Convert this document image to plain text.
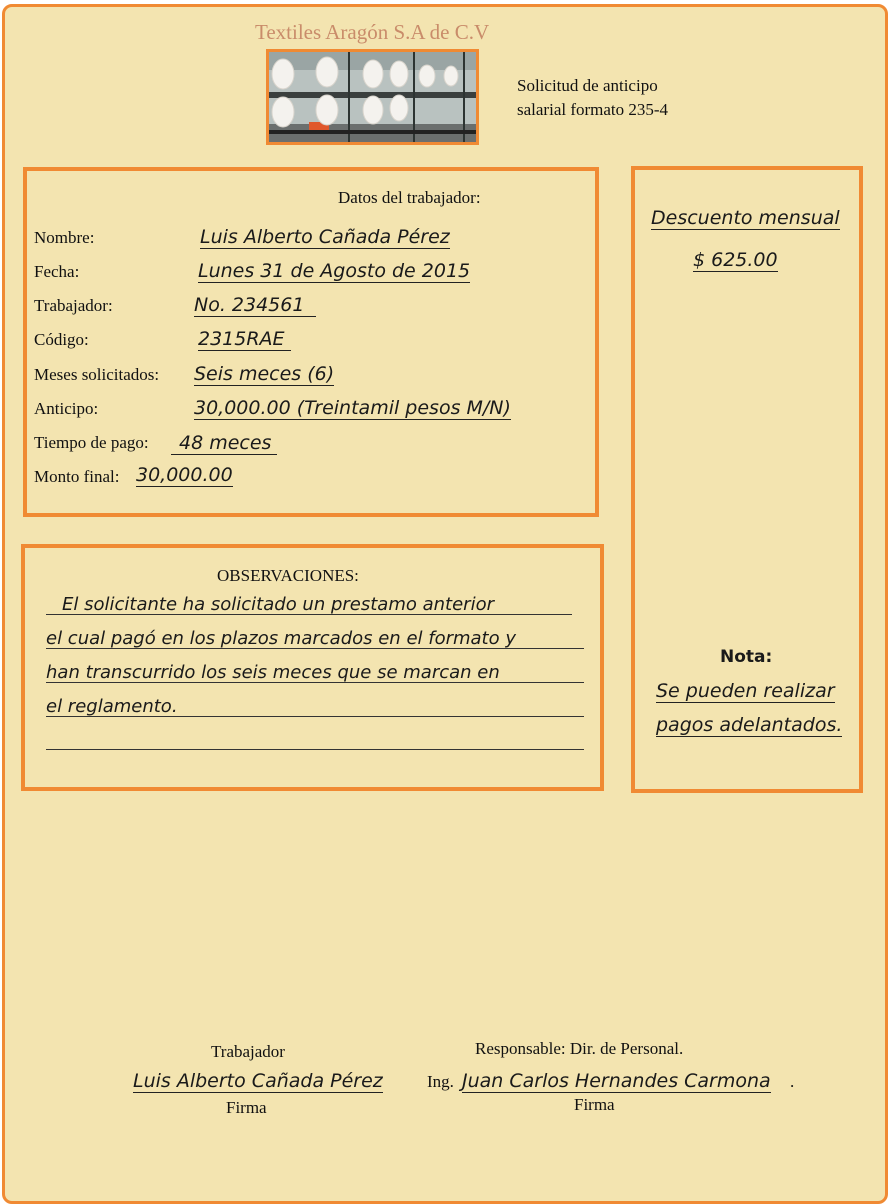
Textiles Aragón S.A de C.V
Solicitud de anticipo
salarial formato 235-4
Datos del trabajador:
Nombre:	Luis Alberto Cañada Pérez
Fecha:	Lunes 31 de Agosto de 2015
Trabajador:	No. 234561
Código:	2315RAE
Meses solicitados: Seis meces (6)
Anticipo:	30,000.00 (Treintamil pesos M/N)
Tiempo de pago:	48 meces
Monto final: 30,000.00
Descuento mensual
$ 625.00
Nota:
Se pueden realizar
pagos adelantados.
OBSERVACIONES:
El solicitante ha solicitado un prestamo anterior
el cual pagó en los plazos marcados en el formato y
han transcurrido los seis meces que se marcan en
el reglamento.
Trabajador
Luis Alberto Cañada Pérez
Firma
Responsable: Dir. de Personal.
Ing. Juan Carlos Hernandes Carmona .
Firma
